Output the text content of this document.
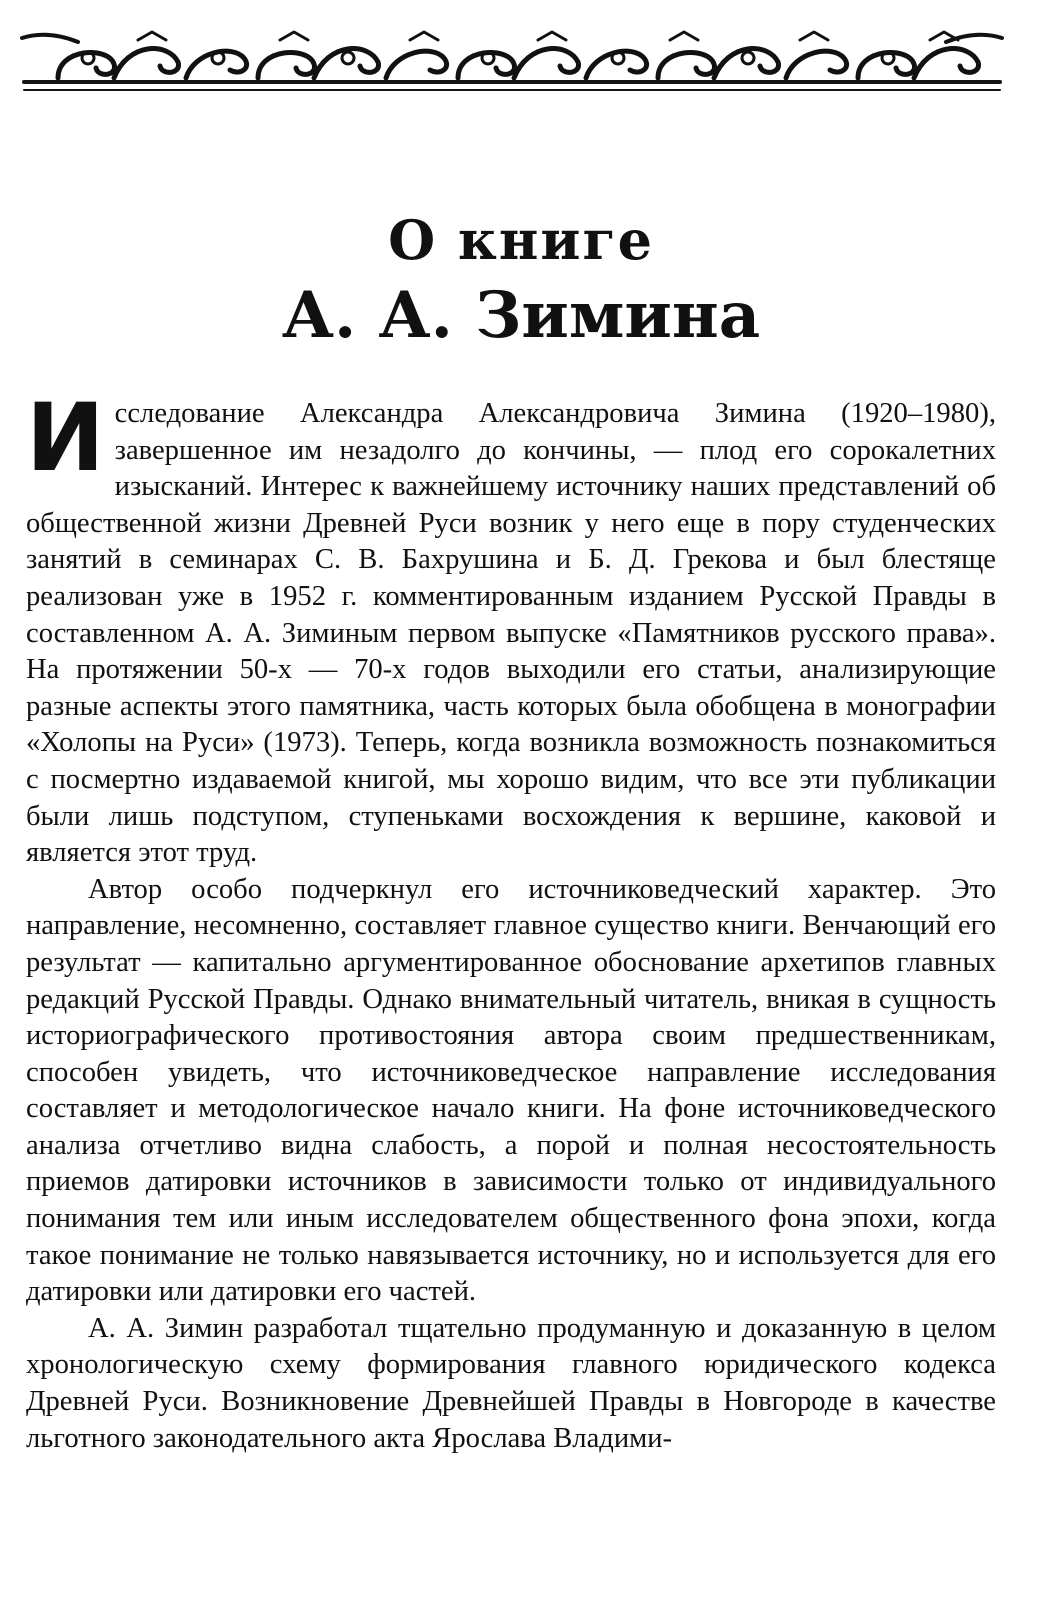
О книге
А. А. Зимина

Исследование Александра Александровича Зимина (1920–1980), завершенное им незадолго до кончины, — плод его сорокалетних изысканий. Интерес к важнейшему источнику наших представлений об общественной жизни Древней Руси возник у него еще в пору студенческих занятий в семинарах С. В. Бахрушина и Б. Д. Грекова и был блестяще реализован уже в 1952 г. комментированным изданием Русской Правды в составленном А. А. Зиминым первом выпуске «Памятников русского права». На протяжении 50-х — 70-х годов выходили его статьи, анализирующие разные аспекты этого памятника, часть которых была обобщена в монографии «Холопы на Руси» (1973). Теперь, когда возникла возможность познакомиться с посмертно издаваемой книгой, мы хорошо видим, что все эти публикации были лишь подступом, ступеньками восхождения к вершине, каковой и является этот труд.

Автор особо подчеркнул его источниковедческий характер. Это направление, несомненно, составляет главное существо книги. Венчающий его результат — капитально аргументированное обоснование архетипов главных редакций Русской Правды. Однако внимательный читатель, вникая в сущность историографического противостояния автора своим предшественникам, способен увидеть, что источниковедческое направление исследования составляет и методологическое начало книги. На фоне источниковедческого анализа отчетливо видна слабость, а порой и полная несостоятельность приемов датировки источников в зависимости только от индивидуального понимания тем или иным исследователем общественного фона эпохи, когда такое понимание не только навязывается источнику, но и используется для его датировки или датировки его частей.

А. А. Зимин разработал тщательно продуманную и доказанную в целом хронологическую схему формирования главного юридического кодекса Древней Руси. Возникновение Древнейшей Правды в Новгороде в качестве льготного законодательного акта Ярослава Владими-
